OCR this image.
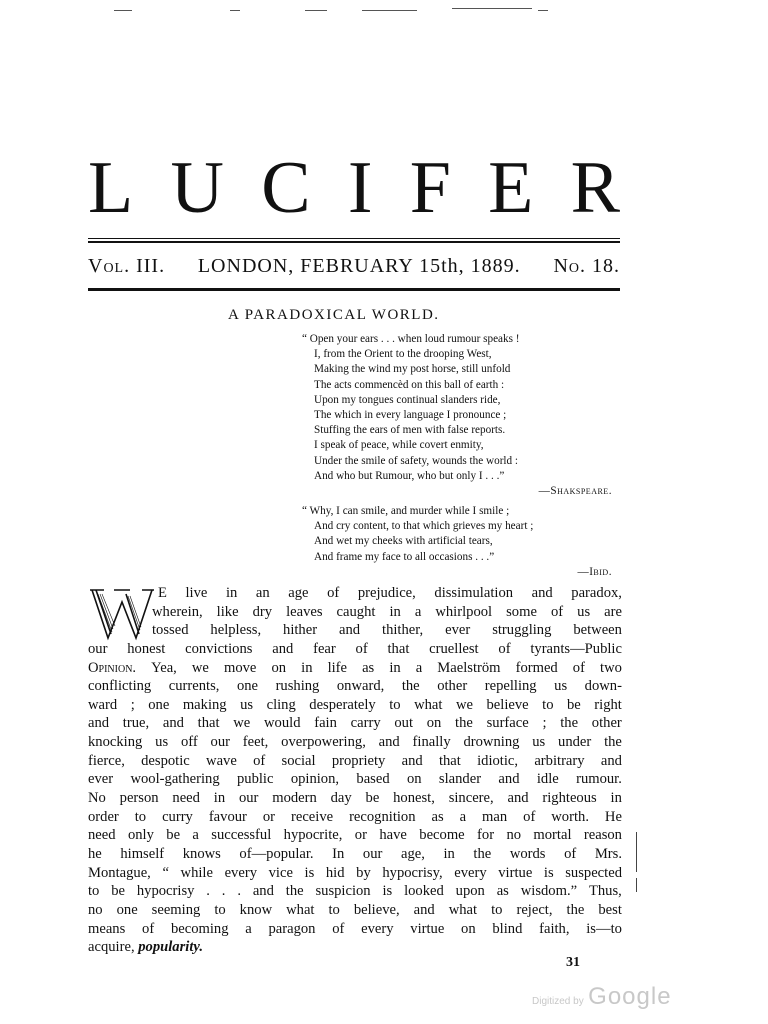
L U C I F E R
Vol. III. LONDON, FEBRUARY 15th, 1889. No. 18.
A PARADOXICAL WORLD.
“ Open your ears . . . when loud rumour speaks !
I, from the Orient to the drooping West,
Making the wind my post horse, still unfold
The acts commencèd on this ball of earth :
Upon my tongues continual slanders ride,
The which in every language I pronounce ;
Stuffing the ears of men with false reports.
I speak of peace, while covert enmity,
Under the smile of safety, wounds the world :
And who but Rumour, who but only I . . .”
—Shakspeare.
“ Why, I can smile, and murder while I smile ;
And cry content, to that which grieves my heart ;
And wet my cheeks with artificial tears,
And frame my face to all occasions . . .”
—Ibid.
E live in an age of prejudice, dissimulation and paradox,
wherein, like dry leaves caught in a whirlpool some of us are
tossed helpless, hither and thither, ever struggling between
our honest convictions and fear of that cruellest of tyrants—Public
Opinion. Yea, we move on in life as in a Maelström formed of two
conflicting currents, one rushing onward, the other repelling us down-
ward ; one making us cling desperately to what we believe to be right
and true, and that we would fain carry out on the surface ; the other
knocking us off our feet, overpowering, and finally drowning us under the
fierce, despotic wave of social propriety and that idiotic, arbitrary and
ever wool-gathering public opinion, based on slander and idle rumour.
No person need in our modern day be honest, sincere, and righteous in
order to curry favour or receive recognition as a man of worth. He
need only be a successful hypocrite, or have become for no mortal reason
he himself knows of—popular. In our age, in the words of Mrs.
Montague, “ while every vice is hid by hypocrisy, every virtue is suspected
to be hypocrisy . . . and the suspicion is looked upon as wisdom.” Thus,
no one seeming to know what to believe, and what to reject, the best
means of becoming a paragon of every virtue on blind faith, is—to
acquire, popularity.
31
Digitized by Google
